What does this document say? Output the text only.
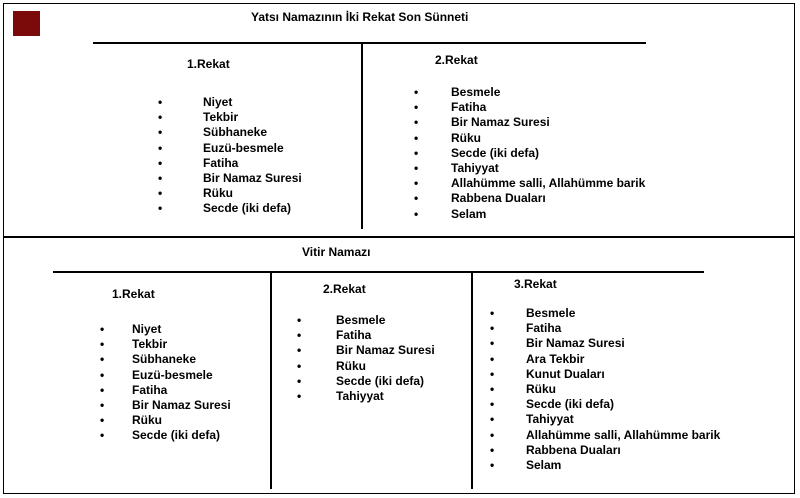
Yatsı Namazının İki Rekat Son Sünneti
1.Rekat
•	Niyet
•	Tekbir
•	Sübhaneke
•	Euzü-besmele
•	Fatiha
•	Bir Namaz Suresi
•	Rüku
•	Secde (iki defa)
2.Rekat
•	Besmele
•	Fatiha
•	Bir Namaz Suresi
•	Rüku
•	Secde (iki defa)
•	Tahiyyat
•	Allahümme salli, Allahümme barik
•	Rabbena Duaları
•	Selam
Vitir Namazı
1.Rekat
• Niyet
• Tekbir
• Sübhaneke
• Euzü-besmele
• Fatiha
• Bir Namaz Suresi
• Rüku
• Secde (iki defa)
2.Rekat
•	Besmele
•	Fatiha
•	Bir Namaz Suresi
•	Rüku
•	Secde (iki defa)
•	Tahiyyat
3.Rekat
•	Besmele
•	Fatiha
•	Bir Namaz Suresi
•	Ara Tekbir
•	Kunut Duaları
•	Rüku
•	Secde (iki defa)
•	Tahiyyat
•	Allahümme salli, Allahümme barik
•	Rabbena Duaları
•	Selam
